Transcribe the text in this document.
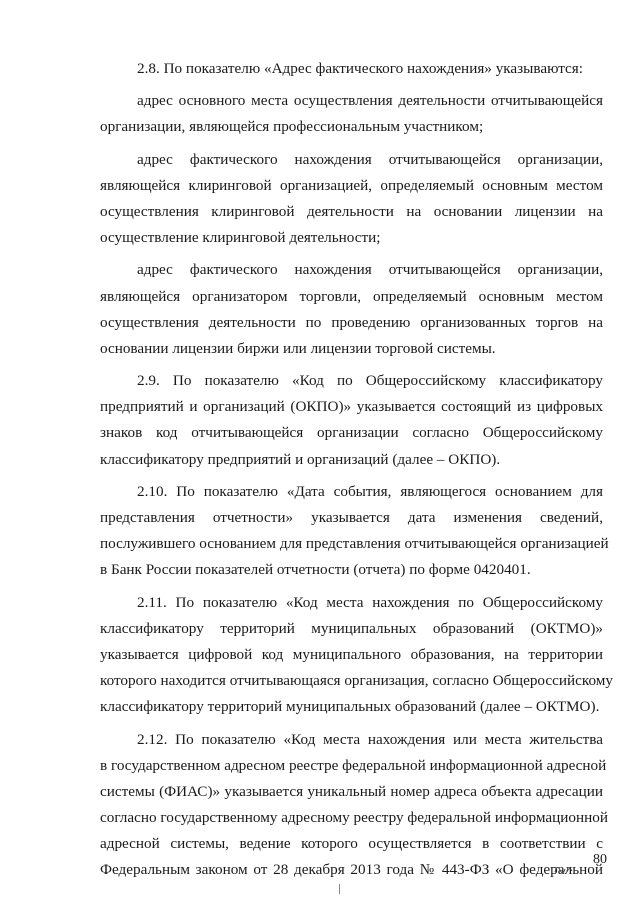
2.8. По показателю «Адрес фактического нахождения» указываются:

адрес основного места осуществления деятельности отчитывающейся
организации, являющейся профессиональным участником;

адрес фактического нахождения отчитывающейся организации,
являющейся клиринговой организацией, определяемый основным местом
осуществления клиринговой деятельности на основании лицензии на
осуществление клиринговой деятельности;

адрес фактического нахождения отчитывающейся организации,
являющейся организатором торговли, определяемый основным местом
осуществления деятельности по проведению организованных торгов на
основании лицензии биржи или лицензии торговой системы.

2.9. По показателю «Код по Общероссийскому классификатору
предприятий и организаций (ОКПО)» указывается состоящий из цифровых
знаков код отчитывающейся организации согласно Общероссийскому
классификатору предприятий и организаций (далее – ОКПО).

2.10. По показателю «Дата события, являющегося основанием для
представления отчетности» указывается дата изменения сведений,
послужившего основанием для представления отчитывающейся организацией
в Банк России показателей отчетности (отчета) по форме 0420401.

2.11. По показателю «Код места нахождения по Общероссийскому
классификатору территорий муниципальных образований (ОКТМО)»
указывается цифровой код муниципального образования, на территории
которого находится отчитывающаяся организация, согласно Общероссийскому
классификатору территорий муниципальных образований (далее – ОКТМО).

2.12. По показателю «Код места нахождения или места жительства
в государственном адресном реестре федеральной информационной адресной
системы (ФИАС)» указывается уникальный номер адреса объекта адресации
согласно государственному адресному реестру федеральной информационной
адресной системы, ведение которого осуществляется в соответствии с
Федеральным законом от 28 декабря 2013 года № 443-ФЗ «О федеральной

80
